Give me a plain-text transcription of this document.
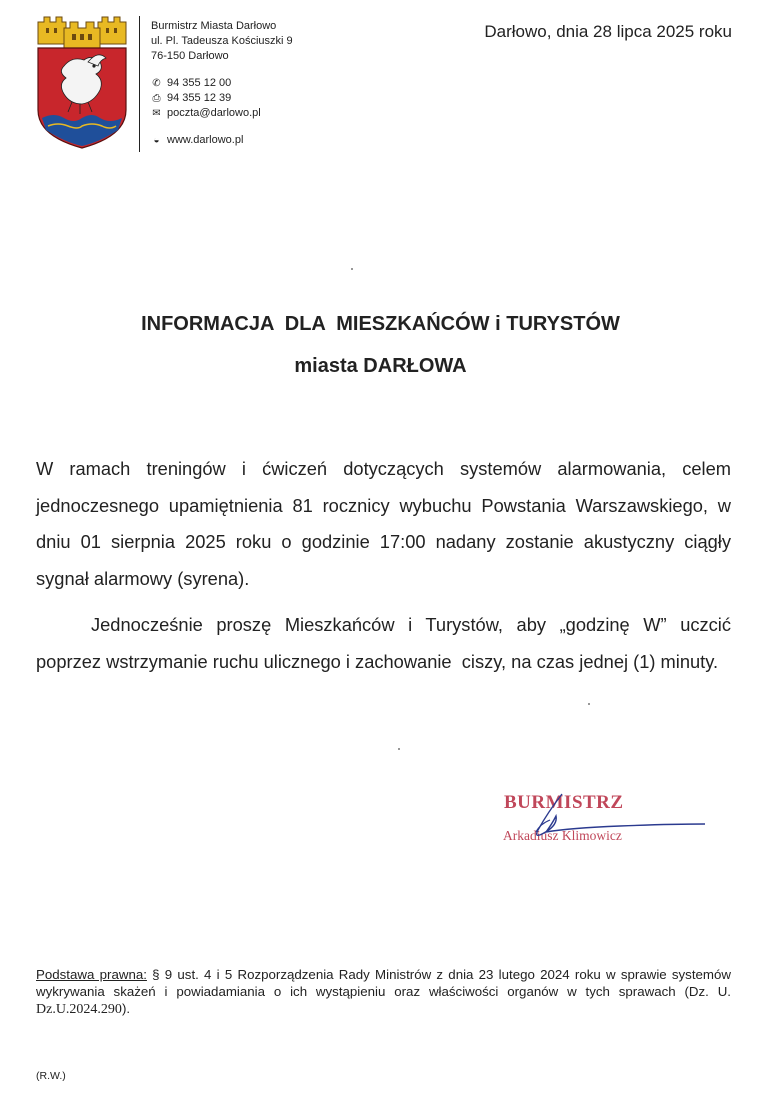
Burmistrz Miasta Darłowo
ul. Pl. Tadeusza Kościuszki 9
76-150 Darłowo
✆ 94 355 12 00
⎙ 94 355 12 39
✉ poczta@darlowo.pl
◒ www.darlowo.pl
Darłowo, dnia 28 lipca 2025 roku
INFORMACJA  DLA  MIESZKAŃCÓW i TURYSTÓW
miasta DARŁOWA
W ramach treningów i ćwiczeń dotyczących systemów alarmowania, celem jednoczesnego upamiętnienia 81 rocznicy wybuchu Powstania Warszawskiego, w dniu 01 sierpnia 2025 roku o godzinie 17:00 nadany zostanie akustyczny ciągły sygnał alarmowy (syrena).
Jednocześnie proszę Mieszkańców i Turystów, aby „godzinę W” uczcić poprzez wstrzymanie ruchu ulicznego i zachowanie  ciszy, na czas jednej (1) minuty.
BURMISTRZ
Arkadiusz Klimowicz
Podstawa prawna: § 9 ust. 4 i 5 Rozporządzenia Rady Ministrów z dnia 23 lutego 2024 roku w sprawie systemów wykrywania skażeń i powiadamiania o ich wystąpieniu oraz właściwości organów w tych sprawach (Dz. U. Dz.U.2024.290).
(R.W.)
